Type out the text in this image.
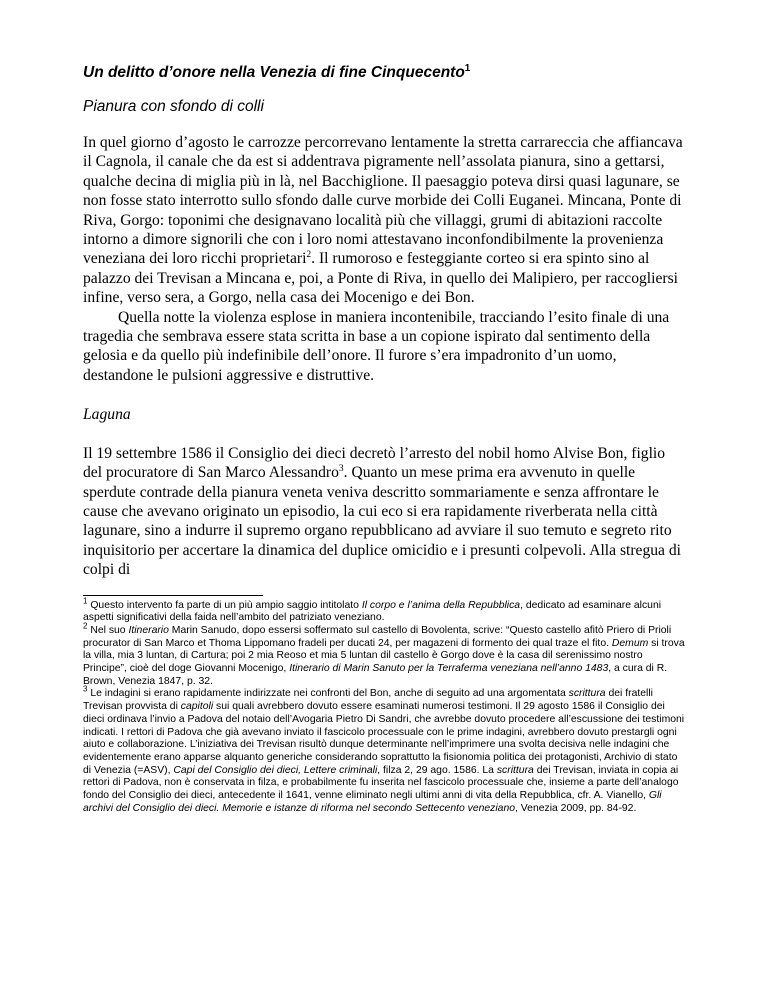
Un delitto d’onore nella Venezia di fine Cinquecento$^1$
Pianura con sfondo di colli

In quel giorno d’agosto le carrozze percorrevano lentamente la stretta carrareccia che affiancava il Cagnola, il canale che da est si addentrava pigramente nell’assolata pianura, sino a gettarsi, qualche decina di miglia più in là, nel Bacchiglione. Il paesaggio poteva dirsi quasi lagunare, se non fosse stato interrotto sullo sfondo dalle curve morbide dei Colli Euganei. Mincana, Ponte di Riva, Gorgo: toponimi che designavano località più che villaggi, grumi di abitazioni raccolte intorno a dimore signorili che con i loro nomi attestavano inconfondibilmente la provenienza veneziana dei loro ricchi proprietari$^2$. Il rumoroso e festeggiante corteo si era spinto sino al palazzo dei Trevisan a Mincana e, poi, a Ponte di Riva, in quello dei Malipiero, per raccogliersi infine, verso sera, a Gorgo, nella casa dei Mocenigo e dei Bon.

Quella notte la violenza esplose in maniera incontenibile, tracciando l’esito finale di una tragedia che sembrava essere stata scritta in base a un copione ispirato dal sentimento della gelosia e da quello più indefinibile dell’onore. Il furore s’era impadronito d’un uomo, destandone le pulsioni aggressive e distruttive.

Laguna

Il 19 settembre 1586 il Consiglio dei dieci decretò l’arresto del nobil homo Alvise Bon, figlio del procuratore di San Marco Alessandro$^3$. Quanto un mese prima era avvenuto in quelle sperdute contrade della pianura veneta veniva descritto sommariamente e senza affrontare le cause che avevano originato un episodio, la cui eco si era rapidamente riverberata nella città lagunare, sino a indurre il supremo organo repubblicano ad avviare il suo temuto e segreto rito inquisitorio per accertare la dinamica del duplice omicidio e i presunti colpevoli. Alla stregua di colpi di

$^1$ Questo intervento fa parte di un più ampio saggio intitolato Il corpo e l’anima della Repubblica, dedicato ad esaminare alcuni aspetti significativi della faida nell’ambito del patriziato veneziano.

$^2$ Nel suo Itinerario Marin Sanudo, dopo essersi soffermato sul castello di Bovolenta, scrive: “Questo castello afitò Priero di Prioli procurator di San Marco et Thoma Lippomano fradeli per ducati 24, per magazeni di formento dei qual traze el fito. Demum si trova la villa, mia 3 luntan, di Cartura; poi 2 mia Reoso et mia 5 luntan dil castello è Gorgo dove è la casa dil serenissimo nostro Principe”, cioè del doge Giovanni Mocenigo, Itinerario di Marin Sanuto per la Terraferma veneziana nell’anno 1483, a cura di R. Brown, Venezia 1847, p. 32.

$^3$ Le indagini si erano rapidamente indirizzate nei confronti del Bon, anche di seguito ad una argomentata scrittura dei fratelli Trevisan provvista di capitoli sui quali avrebbero dovuto essere esaminati numerosi testimoni. Il 29 agosto 1586 il Consiglio dei dieci ordinava l’invio a Padova del notaio dell’Avogaria Pietro Di Sandri, che avrebbe dovuto procedere all’escussione dei testimoni indicati. I rettori di Padova che già avevano inviato il fascicolo processuale con le prime indagini, avrebbero dovuto prestargli ogni aiuto e collaborazione. L’iniziativa dei Trevisan risultò dunque determinante nell’imprimere una svolta decisiva nelle indagini che evidentemente erano apparse alquanto generiche considerando soprattutto la fisionomia politica dei protagonisti, Archivio di stato di Venezia (=ASV), Capi del Consiglio dei dieci, Lettere criminali, filza 2, 29 ago. 1586. La scrittura dei Trevisan, inviata in copia ai rettori di Padova, non è conservata in filza, e probabilmente fu inserita nel fascicolo processuale che, insieme a parte dell’analogo fondo del Consiglio dei dieci, antecedente il 1641, venne eliminato negli ultimi anni di vita della Repubblica, cfr. A. Vianello, Gli archivi del Consiglio dei dieci. Memorie e istanze di riforma nel secondo Settecento veneziano, Venezia 2009, pp. 84-92.
